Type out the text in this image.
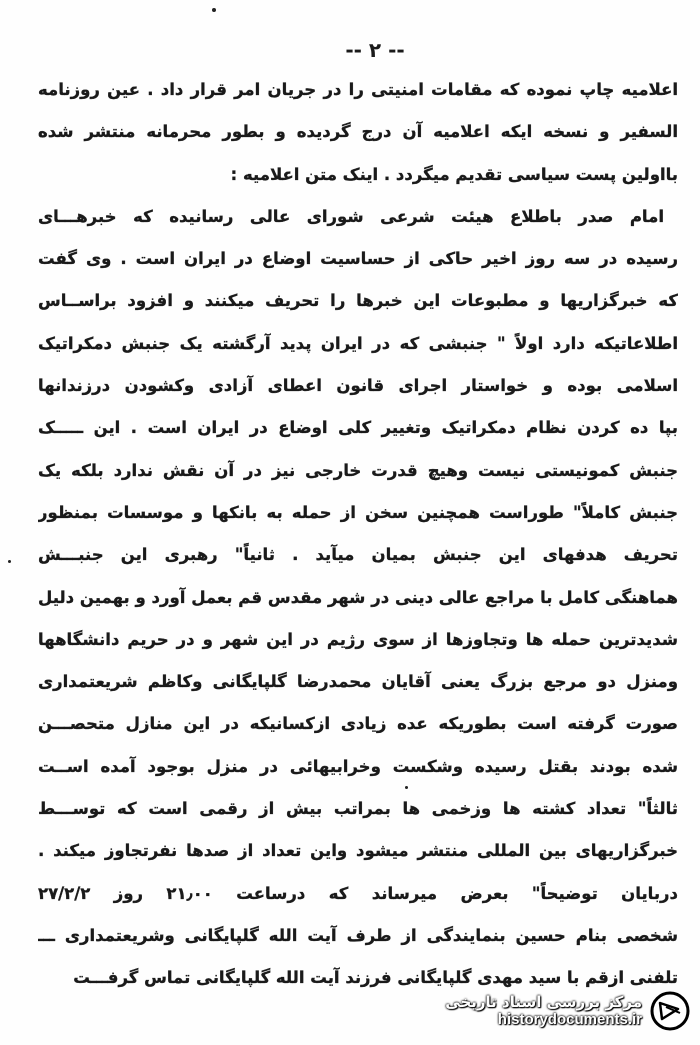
-- ۲ --
اعلامیه چاپ نموده که مقامات امنیتی را در جریان امر قرار داد . عین روزنامه
السفیر و نسخه ایکه اعلامیه آن درج گردیده و بطور محرمانه منتشر شده
بااولین پست سیاسی تقدیم میگردد . اینک متن اعلامیه :
امام صدر باطلاع هیئت شرعی شورای عالی رسانیده که خبرهـــای
رسیده در سه روز اخیر حاکی از حساسیت اوضاع در ایران است . وی گفت
که خبرگزاریها و مطبوعات این خبرها را تحریف میکنند و افزود براســاس
اطلاعاتیکه دارد اولاً " جنبشی که در ایران پدید آرگشته یک جنبش دمکراتیک
اسلامی بوده و خواستار اجرای قانون اعطای آزادی وکشودن درزندانها
بپا ده کردن نظام دمکراتیک وتغییر کلی اوضاع در ایران است . این ـــــک
جنبش کمونیستی نیست وهیچ قدرت خارجی نیز در آن نقش ندارد بلکه یک
جنبش کاملاً" طوراست همچنین سخن از حمله به بانکها و موسسات بمنظور
تحریف هدفهای این جنبش بمیان میآید . ثانیاً" رهبری این جنبـــش
هماهنگی کامل با مراجع عالی دینی در شهر مقدس قم بعمل آورد و بهمین دلیل
شدیدترین حمله ها وتجاوزها از سوی رژیم در این شهر و در حریم دانشگاهها
ومنزل دو مرجع بزرگ یعنی آقایان محمدرضا گلپایگانی وکاظم شریعتمداری
صورت گرفته است بطوریکه عده زیادی ازکسانیکه در این منازل متحصـــن
شده بودند بقتل رسیده وشکست وخرابیهائی در منزل بوجود آمده اســت
ثالثاً" تعداد کشته ها وزخمی ها بمراتب بیش از رقمی است که توســـط
خبرگزاریهای بین المللی منتشر میشود واین تعداد از صدها نفرتجاوز میکند .
دربایان توضیحاً" بعرض میرساند که درساعت ۲۱٫۰۰ روز ۲۷/۲/۲
شخصی بنام حسین بنمایندگی از طرف آیت الله گلپایگانی وشریعتمداری ـــ
تلفنی ازقم با سید مهدی گلپایگانی فرزند آیت الله گلپایگانی تماس گرفـــت
مرکز بررسی اسناد تاریخی
historydocuments.ir
